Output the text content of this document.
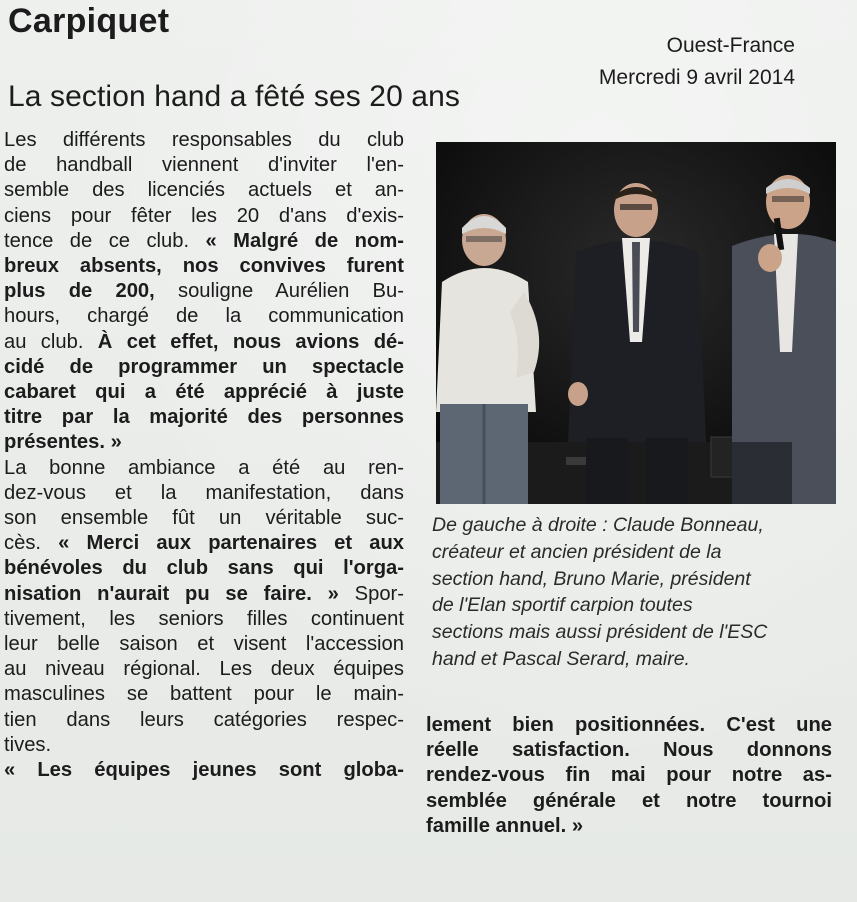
᠎ ᠎ ᠎ ᠎ ᠎ ᠎
Carpiquet
Ouest-France
Mercredi 9 avril 2014
La section hand a fêté ses 20 ans
Les différents responsables du club
de handball viennent d'inviter l'en-
semble des licenciés actuels et an-
ciens pour fêter les 20 d'ans d'exis-
tence de ce club. « Malgré de nom-
breux absents, nos convives furent
plus de 200, souligne Aurélien Bu-
hours, chargé de la communication
au club. À cet effet, nous avions dé-
cidé de programmer un spectacle
cabaret qui a été apprécié à juste
titre par la majorité des personnes
présentes. »
La bonne ambiance a été au ren-
dez-vous et la manifestation, dans
son ensemble fût un véritable suc-
cès. « Merci aux partenaires et aux
bénévoles du club sans qui l'orga-
nisation n'aurait pu se faire. » Spor-
tivement, les seniors filles continuent
leur belle saison et visent l'accession
au niveau régional. Les deux équipes
masculines se battent pour le main-
tien dans leurs catégories respec-
tives.
« Les équipes jeunes sont globa-
De gauche à droite : Claude Bonneau,
créateur et ancien président de la
section hand, Bruno Marie, président
de l'Elan sportif carpion toutes
sections mais aussi président de l'ESC
hand et Pascal Serard, maire.
lement bien positionnées. C'est une
réelle satisfaction. Nous donnons
rendez-vous fin mai pour notre as-
semblée générale et notre tournoi
famille annuel. »
